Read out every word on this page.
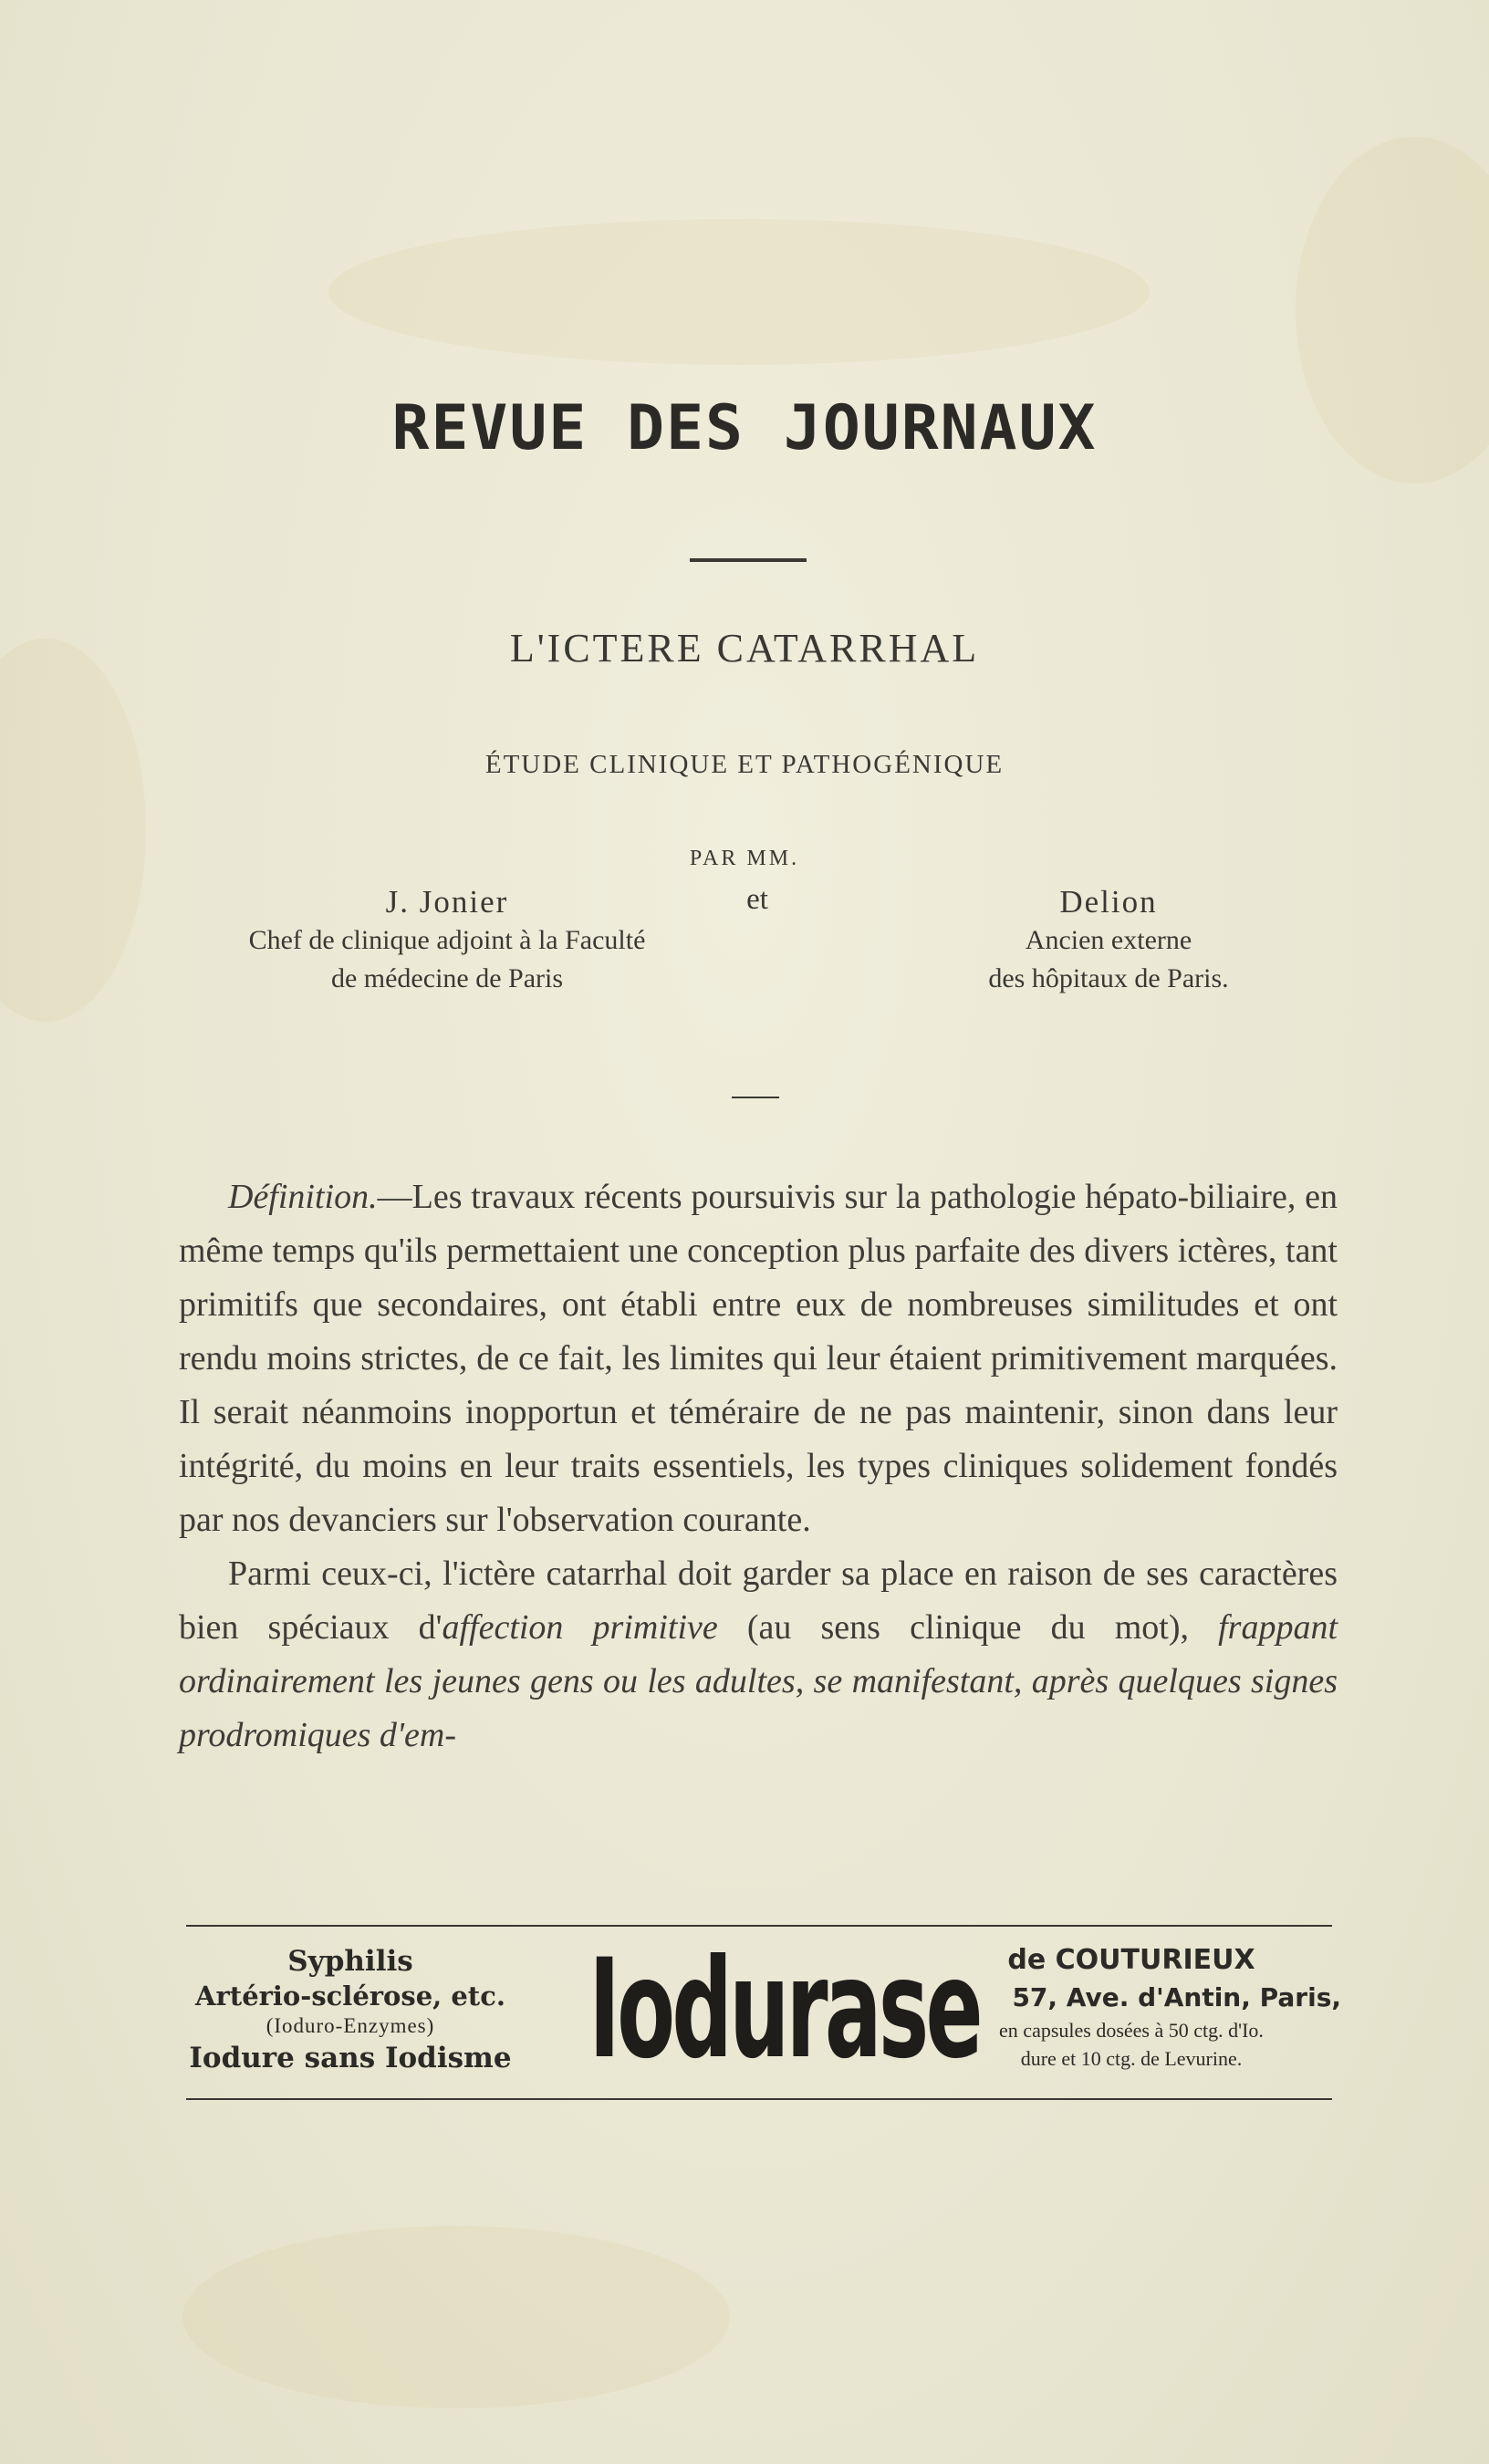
REVUE DES JOURNAUX
L'ICTERE CATARRHAL
ÉTUDE CLINIQUE ET PATHOGÉNIQUE
PAR MM.
J. Jonier
Chef de clinique adjoint à la Faculté
de médecine de Paris
et	Delion
Ancien externe
des hôpitaux de Paris.

Définition.—Les travaux récents poursuivis sur la pathologie hépato-biliaire, en même temps qu'ils permettaient une conception plus parfaite des divers ictères, tant primitifs que secondaires, ont établi entre eux de nombreuses similitudes et ont rendu moins strictes, de ce fait, les limites qui leur étaient primitivement marquées. Il serait néanmoins inopportun et téméraire de ne pas maintenir, sinon dans leur intégrité, du moins en leur traits essentiels, les types cliniques solidement fondés par nos devanciers sur l'observation courante.

Parmi ceux-ci, l'ictère catarrhal doit garder sa place en raison de ses caractères bien spéciaux d'affection primitive (au sens clinique du mot), frappant ordinairement les jeunes gens ou les adultes, se manifestant, après quelques signes prodromiques d'em-

Syphilis
Artério-sclérose, etc.
(Ioduro-Enzymes)
Iodure sans Iodisme Iodurase	de COUTURIEUX
57, Ave. d'Antin, Paris,
en capsules dosées à 50 ctg. d'Io.
dure et 10 ctg. de Levurine.
